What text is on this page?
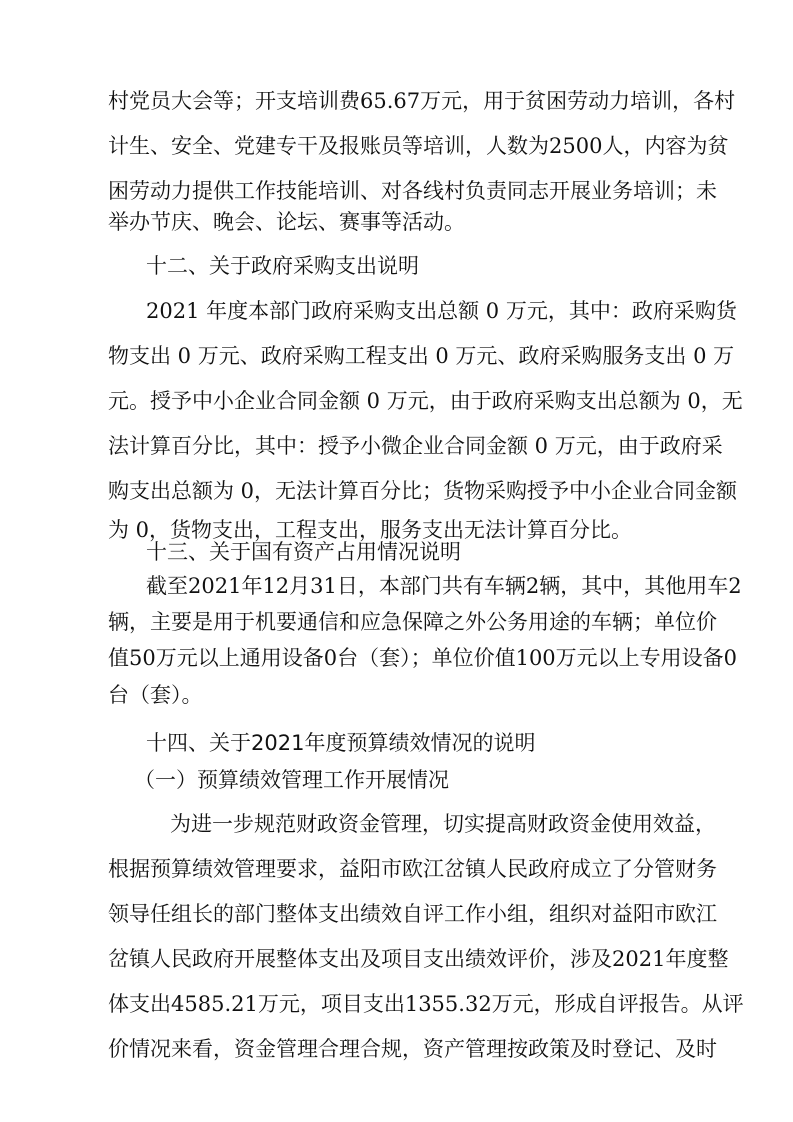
村党员大会等；开支培训费65.67万元，用于贫困劳动力培训，各村
计生、安全、党建专干及报账员等培训，人数为2500人，内容为贫
困劳动力提供工作技能培训、对各线村负责同志开展业务培训；未
举办节庆、晚会、论坛、赛事等活动。
十二、关于政府采购支出说明
2021 年度本部门政府采购支出总额 0 万元，其中：政府采购货
物支出 0 万元、政府采购工程支出 0 万元、政府采购服务支出 0 万
元。授予中小企业合同金额 0 万元，由于政府采购支出总额为 0，无
法计算百分比，其中：授予小微企业合同金额 0 万元，由于政府采
购支出总额为 0，无法计算百分比；货物采购授予中小企业合同金额
为 0，货物支出，工程支出，服务支出无法计算百分比。
十三、关于国有资产占用情况说明
截至2021年12月31日，本部门共有车辆2辆，其中，其他用车2
辆，主要是用于机要通信和应急保障之外公务用途的车辆；单位价
值50万元以上通用设备0台（套）；单位价值100万元以上专用设备0
台（套）。
十四、关于2021年度预算绩效情况的说明
（一）预算绩效管理工作开展情况
为进一步规范财政资金管理，切实提高财政资金使用效益，
根据预算绩效管理要求，益阳市欧江岔镇人民政府成立了分管财务
领导任组长的部门整体支出绩效自评工作小组，组织对益阳市欧江
岔镇人民政府开展整体支出及项目支出绩效评价，涉及2021年度整
体支出4585.21万元，项目支出1355.32万元，形成自评报告。从评
价情况来看，资金管理合理合规，资产管理按政策及时登记、及时
